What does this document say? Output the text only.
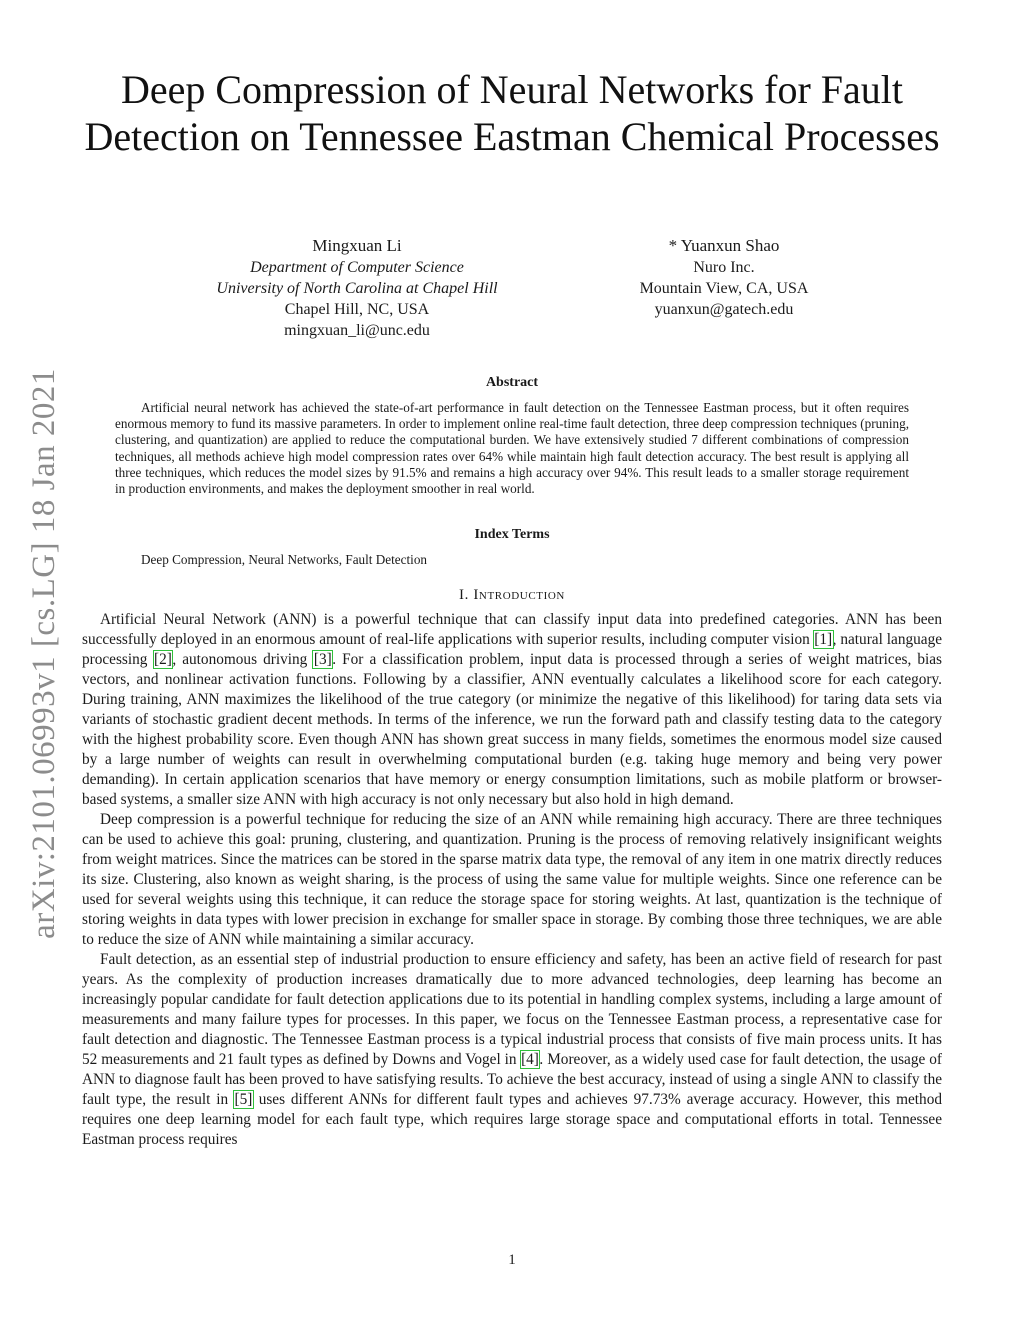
arXiv:2101.06993v1 [cs.LG] 18 Jan 2021
Deep Compression of Neural Networks for Fault Detection on Tennessee Eastman Chemical Processes
Mingxuan Li
Department of Computer Science
University of North Carolina at Chapel Hill
Chapel Hill, NC, USA
mingxuan_li@unc.edu
* Yuanxun Shao
Nuro Inc.
Mountain View, CA, USA
yuanxun@gatech.edu
Abstract
Artificial neural network has achieved the state-of-art performance in fault detection on the Tennessee Eastman process, but it often requires enormous memory to fund its massive parameters. In order to implement online real-time fault detection, three deep compression techniques (pruning, clustering, and quantization) are applied to reduce the computational burden. We have extensively studied 7 different combinations of compression techniques, all methods achieve high model compression rates over 64% while maintain high fault detection accuracy. The best result is applying all three techniques, which reduces the model sizes by 91.5% and remains a high accuracy over 94%. This result leads to a smaller storage requirement in production environments, and makes the deployment smoother in real world.
Index Terms
Deep Compression, Neural Networks, Fault Detection
I. Introduction

Artificial Neural Network (ANN) is a powerful technique that can classify input data into predefined categories. ANN has been successfully deployed in an enormous amount of real-life applications with superior results, including computer vision [1], natural language processing [2], autonomous driving [3]. For a classification problem, input data is processed through a series of weight matrices, bias vectors, and nonlinear activation functions. Following by a classifier, ANN eventually calculates a likelihood score for each category. During training, ANN maximizes the likelihood of the true category (or minimize the negative of this likelihood) for taring data sets via variants of stochastic gradient decent methods. In terms of the inference, we run the forward path and classify testing data to the category with the highest probability score. Even though ANN has shown great success in many fields, sometimes the enormous model size caused by a large number of weights can result in overwhelming computational burden (e.g. taking huge memory and being very power demanding). In certain application scenarios that have memory or energy consumption limitations, such as mobile platform or browser-based systems, a smaller size ANN with high accuracy is not only necessary but also hold in high demand.

Deep compression is a powerful technique for reducing the size of an ANN while remaining high accuracy. There are three techniques can be used to achieve this goal: pruning, clustering, and quantization. Pruning is the process of removing relatively insignificant weights from weight matrices. Since the matrices can be stored in the sparse matrix data type, the removal of any item in one matrix directly reduces its size. Clustering, also known as weight sharing, is the process of using the same value for multiple weights. Since one reference can be used for several weights using this technique, it can reduce the storage space for storing weights. At last, quantization is the technique of storing weights in data types with lower precision in exchange for smaller space in storage. By combing those three techniques, we are able to reduce the size of ANN while maintaining a similar accuracy.

Fault detection, as an essential step of industrial production to ensure efficiency and safety, has been an active field of research for past years. As the complexity of production increases dramatically due to more advanced technologies, deep learning has become an increasingly popular candidate for fault detection applications due to its potential in handling complex systems, including a large amount of measurements and many failure types for processes. In this paper, we focus on the Tennessee Eastman process, a representative case for fault detection and diagnostic. The Tennessee Eastman process is a typical industrial process that consists of five main process units. It has 52 measurements and 21 fault types as defined by Downs and Vogel in [4]. Moreover, as a widely used case for fault detection, the usage of ANN to diagnose fault has been proved to have satisfying results. To achieve the best accuracy, instead of using a single ANN to classify the fault type, the result in [5] uses different ANNs for different fault types and achieves 97.73% average accuracy. However, this method requires one deep learning model for each fault type, which requires large storage space and computational efforts in total. Tennessee Eastman process requires

1
